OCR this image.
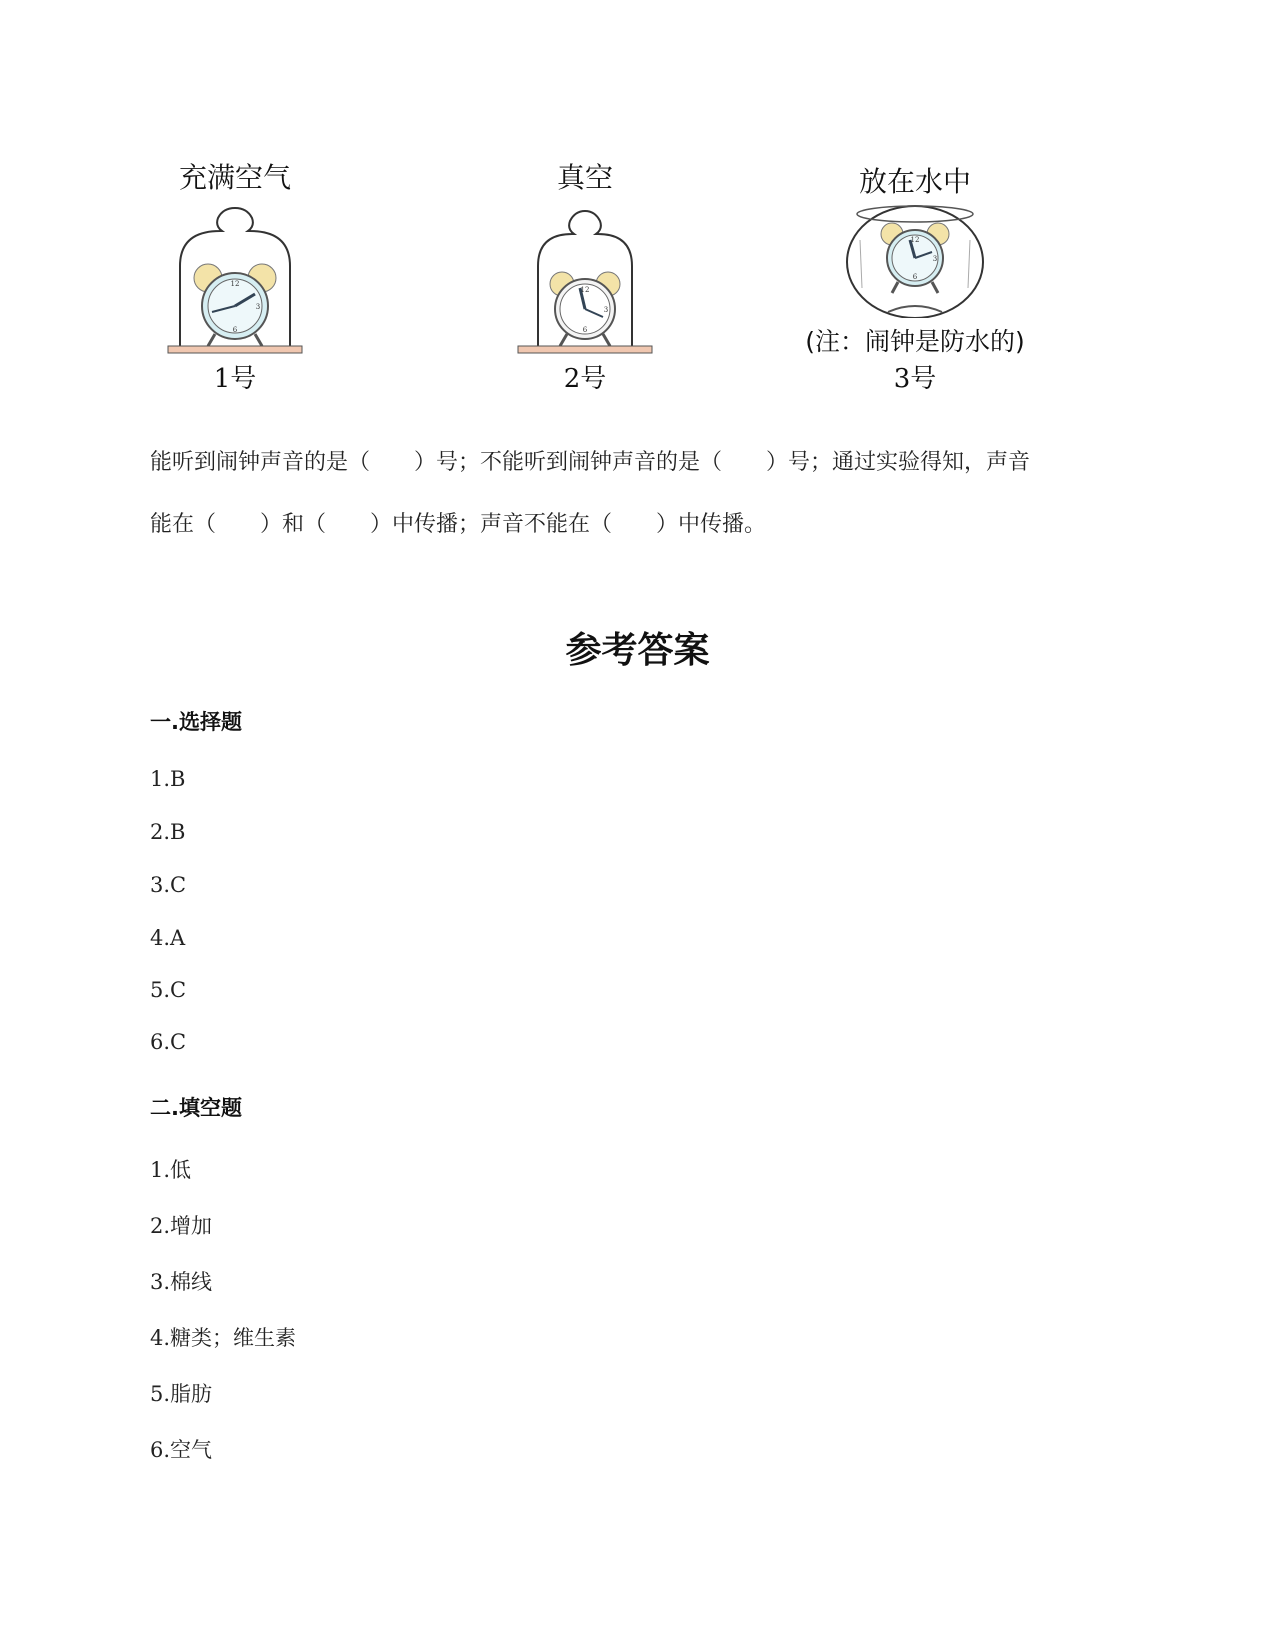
充满空气
12
3
6
1号
真空
12
3
6
2号
放在水中
12
3
6
(注：闹钟是防水的)
3号
能听到闹钟声音的是（　　）号；不能听到闹钟声音的是（　　）号；通过实验得知，声音
能在（　　）和（　　）中传播；声音不能在（　　）中传播。
参考答案
一.选择题
1.B
2.B
3.C
4.A
5.C
6.C
二.填空题
1.低
2.增加
3.棉线
4.糖类；维生素
5.脂肪
6.空气
